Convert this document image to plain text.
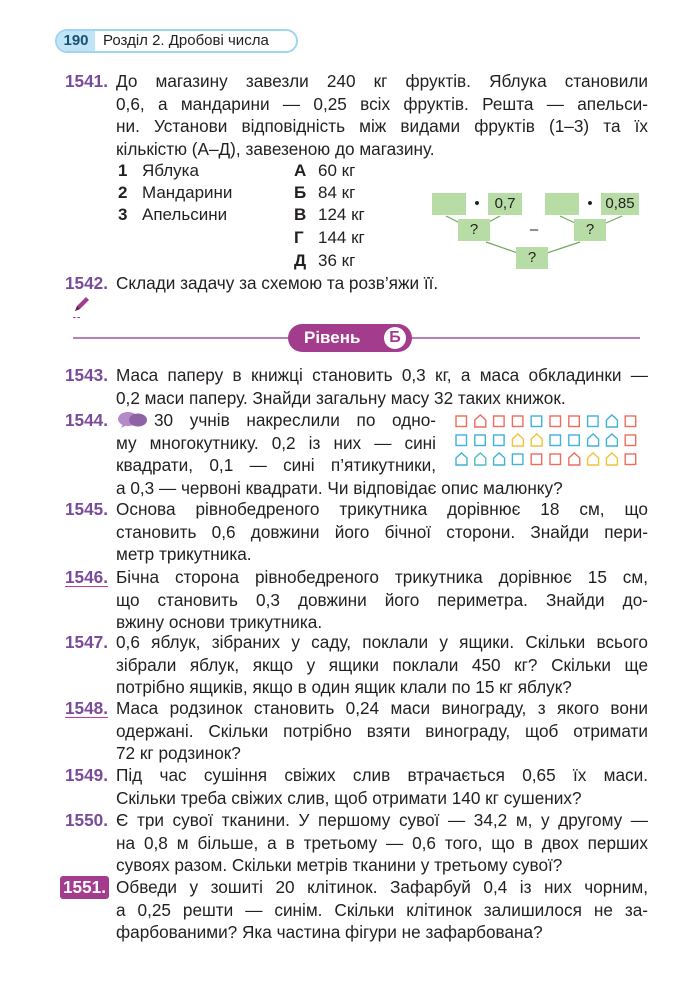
190 Розділ 2. Дробові числа
1541. До магазину завезли 240 кг фруктів. Яблука становили
0,6, а мандарини — 0,25 всіх фруктів. Решта — апельси-
ни. Установи відповідність між видами фруктів (1–3) та їх
кількістю (А–Д), завезеною до магазину.
1 Яблука
2 Мандарини
3 Апельсини
А 60 кг
Б 84 кг
В 124 кг
Г 144 кг
Д 36 кг
• 0,7	• 0,85
?	–	?
?
1542. Склади задачу за схемою та розв’яжи її.
Рівень	Б
1543. Маса паперу в книжці становить 0,3 кг, а маса обкладинки —
0,2 маси паперу. Знайди загальну масу 32 таких книжок.
1544.	30 учнів накреслили по одно-
му многокутнику. 0,2 із них — сині
квадрати, 0,1 — сині п’ятикутники,
а 0,3 — червоні квадрати. Чи відповідає опис малюнку?
1545. Основа рівнобедреного трикутника дорівнює 18 см, що
становить 0,6 довжини його бічної сторони. Знайди пери-
метр трикутника.
1546. Бічна сторона рівнобедреного трикутника дорівнює 15 см,
що становить 0,3 довжини його периметра. Знайди до-
вжину основи трикутника.
1547. 0,6 яблук, зібраних у саду, поклали у ящики. Скільки всього
зібрали яблук, якщо у ящики поклали 450 кг? Скільки ще
потрібно ящиків, якщо в один ящик клали по 15 кг яблук?
1548. Маса родзинок становить 0,24 маси винограду, з якого вони
одержані. Скільки потрібно взяти винограду, щоб отримати
72 кг родзинок?
1549. Під час сушіння свіжих слив втрачається 0,65 їх маси.
Скільки треба свіжих слив, щоб отримати 140 кг сушених?
1550. Є три сувої тканини. У першому сувої — 34,2 м, у другому —
на 0,8 м більше, а в третьому — 0,6 того, що в двох перших
сувоях разом. Скільки метрів тканини у третьому сувої?
1551. Обведи у зошиті 20 клітинок. Зафарбуй 0,4 із них чорним,
а 0,25 решти — синім. Скільки клітинок залишилося не за-
фарбованими? Яка частина фігури не зафарбована?
